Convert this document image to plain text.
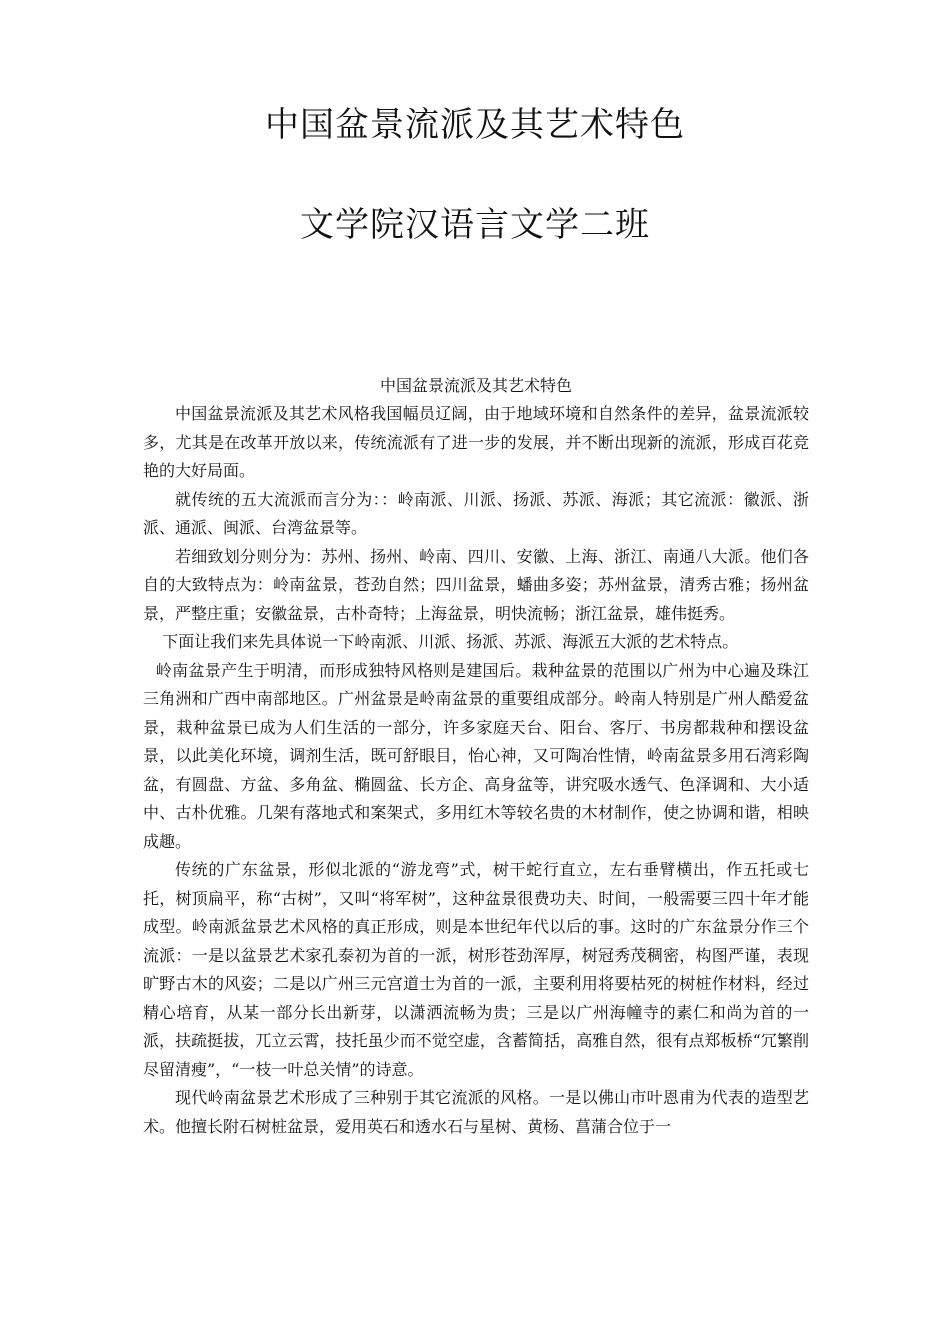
中国盆景流派及其艺术特色
文学院汉语言文学二班

中国盆景流派及其艺术特色

中国盆景流派及其艺术风格我国幅员辽阔，由于地域环境和自然条件的差异，盆景流派较多，尤其是在改革开放以来，传统流派有了进一步的发展，并不断出现新的流派，形成百花竞艳的大好局面。

就传统的五大流派而言分为：：岭南派、川派、扬派、苏派、海派；其它流派：徽派、浙派、通派、闽派、台湾盆景等。

若细致划分则分为：苏州、扬州、岭南、四川、安徽、上海、浙江、南通八大派。他们各自的大致特点为：岭南盆景，苍劲自然；四川盆景，蟠曲多姿；苏州盆景，清秀古雅；扬州盆景，严整庄重；安徽盆景，古朴奇特；上海盆景，明快流畅；浙江盆景，雄伟挺秀。

下面让我们来先具体说一下岭南派、川派、扬派、苏派、海派五大派的艺术特点。

岭南盆景产生于明清，而形成独特风格则是建国后。栽种盆景的范围以广州为中心遍及珠江三角洲和广西中南部地区。广州盆景是岭南盆景的重要组成部分。岭南人特别是广州人酷爱盆景，栽种盆景已成为人们生活的一部分，许多家庭天台、阳台、客厅、书房都栽种和摆设盆景，以此美化环境，调剂生活，既可舒眼目，怡心神，又可陶冶性情，岭南盆景多用石湾彩陶盆，有圆盘、方盆、多角盆、椭圆盆、长方企、高身盆等，讲究吸水透气、色泽调和、大小适中、古朴优雅。几架有落地式和案架式，多用红木等较名贵的木材制作，使之协调和谐，相映成趣。

传统的广东盆景，形似北派的“游龙弯”式，树干蛇行直立，左右垂臂横出，作五托或七托，树顶扁平，称“古树”，又叫“将军树”，这种盆景很费功夫、时间，一般需要三四十年才能成型。岭南派盆景艺术风格的真正形成，则是本世纪年代以后的事。这时的广东盆景分作三个流派：一是以盆景艺术家孔泰初为首的一派，树形苍劲浑厚，树冠秀茂稠密，构图严谨，表现旷野古木的风姿；二是以广州三元宫道士为首的一派，主要利用将要枯死的树桩作材料，经过精心培育，从某一部分长出新芽，以潇洒流畅为贵；三是以广州海幢寺的素仁和尚为首的一派，扶疏挺拔，兀立云霄，技托虽少而不觉空虚，含蓄简括，高雅自然，很有点郑板桥“冗繁削尽留清瘦”，“一枝一叶总关情”的诗意。

现代岭南盆景艺术形成了三种别于其它流派的风格。一是以佛山市叶恩甫为代表的造型艺术。他擅长附石树桩盆景，爱用英石和透水石与星树、黄杨、菖蒲合位于一
